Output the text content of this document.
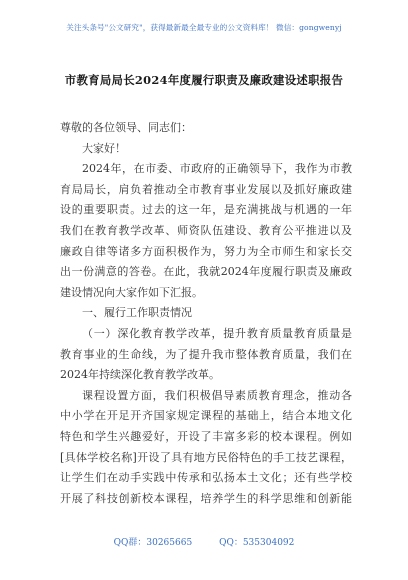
关注头条号"公文研究"，获得最新最全最专业的公文资料库！ 微信：gongwenyj
市教育局局长2024年度履行职责及廉政建设述职报告
尊敬的各位领导、同志们：
大家好！
2024年，在市委、市政府的正确领导下，我作为市教
育局局长，肩负着推动全市教育事业发展以及抓好廉政建
设的重要职责。过去的这一年，是充满挑战与机遇的一年
我们在教育教学改革、师资队伍建设、教育公平推进以及
廉政自律等诸多方面积极作为，努力为全市师生和家长交
出一份满意的答卷。在此，我就2024年度履行职责及廉政
建设情况向大家作如下汇报。
一、履行工作职责情况
（一）深化教育教学改革，提升教育质量教育质量是
教育事业的生命线，为了提升我市整体教育质量，我们在
2024年持续深化教育教学改革。
课程设置方面，我们积极倡导素质教育理念，推动各
中小学在开足开齐国家规定课程的基础上，结合本地文化
特色和学生兴趣爱好，开设了丰富多彩的校本课程。例如
[具体学校名称]开设了具有地方民俗特色的手工技艺课程，
让学生们在动手实践中传承和弘扬本土文化；还有些学校
开展了科技创新校本课程，培养学生的科学思维和创新能
QQ群：30265665	QQ：535304092
